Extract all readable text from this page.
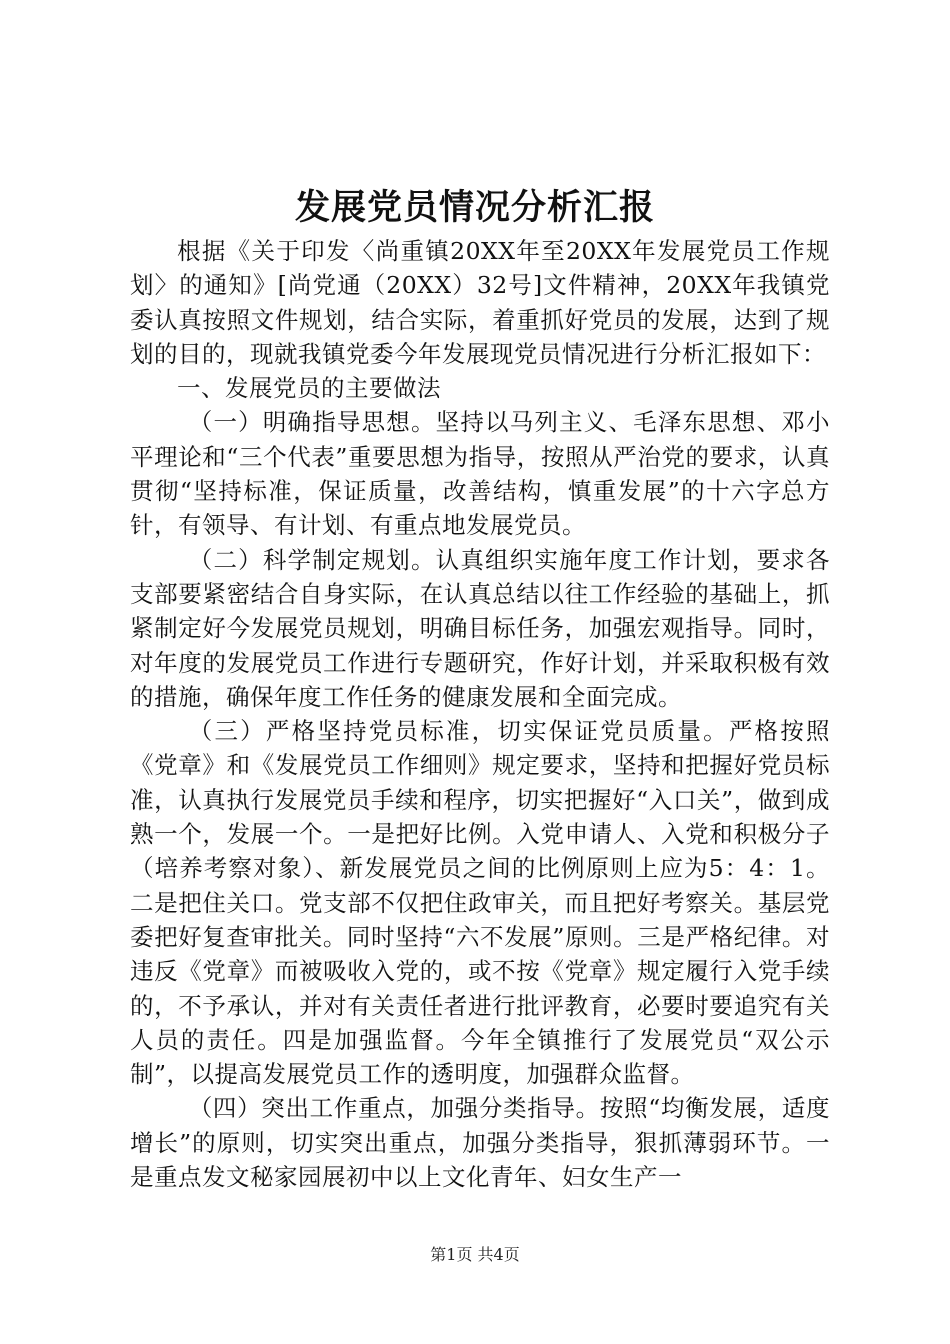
发展党员情况分析汇报

根据《关于印发〈尚重镇20XX年至20XX年发展党员工作规划〉的通知》[尚党通（20XX）32号]文件精神，20XX年我镇党委认真按照文件规划，结合实际，着重抓好党员的发展，达到了规划的目的，现就我镇党委今年发展现党员情况进行分析汇报如下：

一、发展党员的主要做法

（一）明确指导思想。坚持以马列主义、毛泽东思想、邓小平理论和“三个代表”重要思想为指导，按照从严治党的要求，认真贯彻“坚持标准，保证质量，改善结构，慎重发展”的十六字总方针，有领导、有计划、有重点地发展党员。

（二）科学制定规划。认真组织实施年度工作计划，要求各支部要紧密结合自身实际，在认真总结以往工作经验的基础上，抓紧制定好今发展党员规划，明确目标任务，加强宏观指导。同时，对年度的发展党员工作进行专题研究，作好计划，并采取积极有效的措施，确保年度工作任务的健康发展和全面完成。

（三）严格坚持党员标准，切实保证党员质量。严格按照《党章》和《发展党员工作细则》规定要求，坚持和把握好党员标准，认真执行发展党员手续和程序，切实把握好“入口关”，做到成熟一个，发展一个。一是把好比例。入党申请人、入党和积极分子（培养考察对象）、新发展党员之间的比例原则上应为5：4：1。二是把住关口。党支部不仅把住政审关，而且把好考察关。基层党委把好复查审批关。同时坚持“六不发展”原则。三是严格纪律。对违反《党章》而被吸收入党的，或不按《党章》规定履行入党手续的，不予承认，并对有关责任者进行批评教育，必要时要追究有关人员的责任。四是加强监督。今年全镇推行了发展党员“双公示制”，以提高发展党员工作的透明度，加强群众监督。

（四）突出工作重点，加强分类指导。按照“均衡发展，适度增长”的原则，切实突出重点，加强分类指导，狠抓薄弱环节。一是重点发文秘家园展初中以上文化青年、妇女生产一

第1页 共4页
